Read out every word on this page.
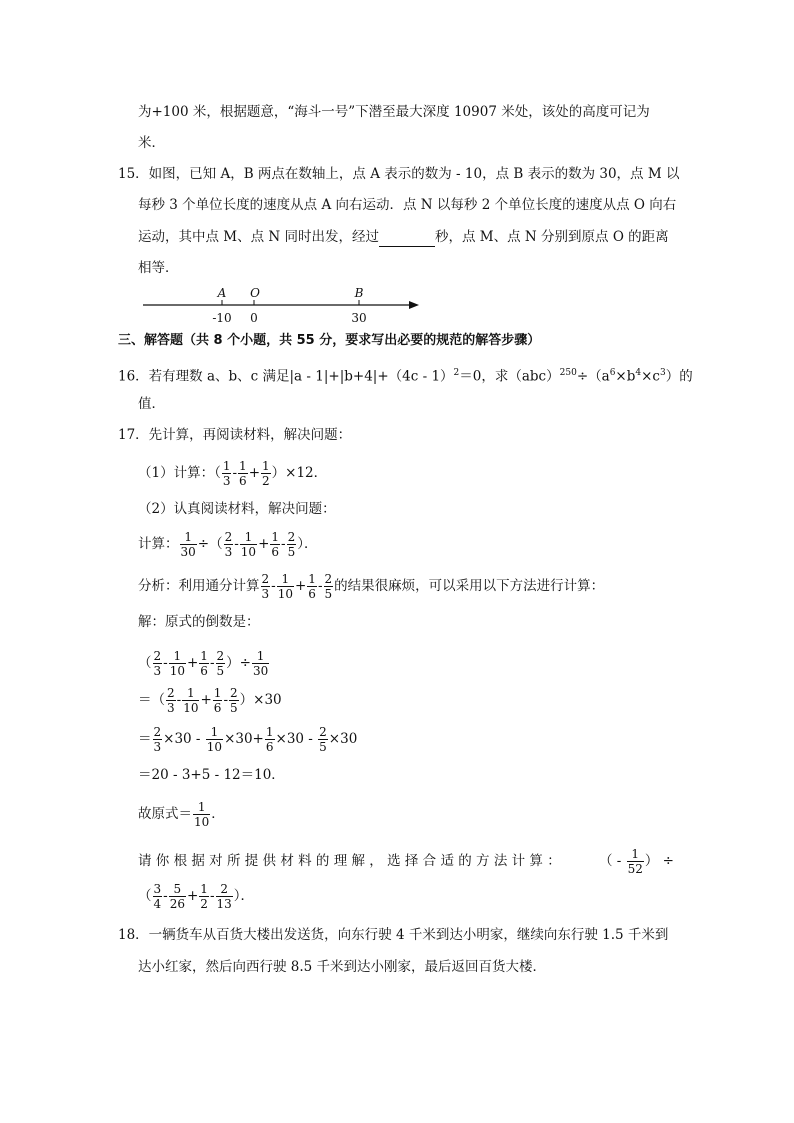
为+100 米，根据题意，“海斗一号”下潜至最大深度 10907 米处，该处的高度可记为
米．
15．如图，已知 A，B 两点在数轴上，点 A 表示的数为 - 10，点 B 表示的数为 30，点 M 以
每秒 3 个单位长度的速度从点 A 向右运动．点 N 以每秒 2 个单位长度的速度从点 O 向右
运动，其中点 M、点 N 同时出发，经过	秒，点 M、点 N 分别到原点 O 的距离
相等．
A O	B
-10 0	30
三、解答题（共 8 个小题，共 55 分，要求写出必要的规范的解答步骤）
16．若有理数 a、b、c 满足|a - 1|+|b+4|+（4c - 1）$^2$＝0，求$(abc)^{250}\div(a^6\times b^4\times c^3)$的
值．
17．先计算，再阅读材料，解决问题：
（1）计算：（ $\frac{1}{3} - \frac{1}{6} + \frac{1}{2} )\times 12$．
（2）认真阅读材料，解决问题：
计算： $\frac{1}{30}$ ÷（ $\frac{2}{3} - \frac{1}{10} + \frac{1}{6} - \frac{2}{5}$ ）．
分析：利用通分计算 $\frac{2}{3} - \frac{1}{10} + \frac{1}{6} - \frac{2}{5}$ 的结果很麻烦，可以采用以下方法进行计算：
解：原式的倒数是：
（ $\frac{2}{3} - \frac{1}{10} + \frac{1}{6} - \frac{2}{5}$ ）÷ $\frac{1}{30}$
＝（ $\frac{2}{3} - \frac{1}{10} + \frac{1}{6} - \frac{2}{5} )\times 30$
＝ $\frac{2}{3} \times 30 - \frac{1}{10} \times 30+ \frac{1}{6} \times 30 - \frac{2}{5} \times 30$
＝20 - 3+5 - 12＝10．
故原式＝ $\frac{1}{10}$ ．
请 你 根 据 对 所 提 供 材 料 的 理 解 ， 选 择 合 适 的 方 法 计 算 ：	（ - $\frac{1}{52}$ ） ÷
（ $\frac{3}{4} - \frac{5}{26} + \frac{1}{2} - \frac{2}{13}$ ）．
18．一辆货车从百货大楼出发送货，向东行驶 4 千米到达小明家，继续向东行驶 1.5 千米到
达小红家，然后向西行驶 8.5 千米到达小刚家，最后返回百货大楼．
